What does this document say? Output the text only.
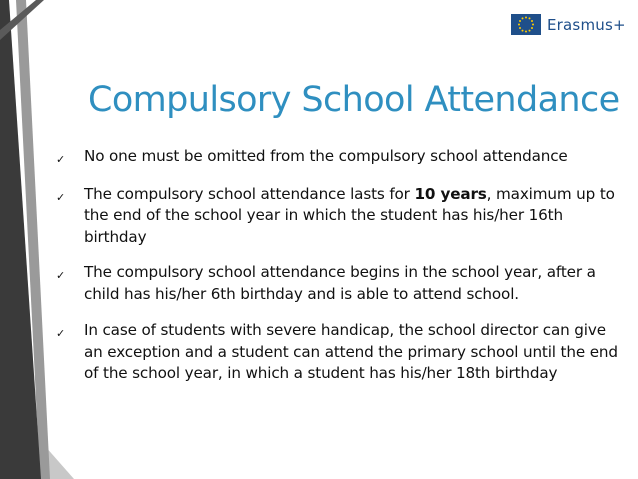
Erasmus+
Compulsory School Attendance
✓ No one must be omitted from the compulsory school attendance
✓ The compulsory school attendance lasts for 10 years, maximum up to the end of the school year in which the student has his/her 16th birthday
✓ The compulsory school attendance begins in the school year, after a child has his/her 6th birthday and is able to attend school.
✓ In case of students with severe handicap, the school director can give an exception and a student can attend the primary school until the end of the school year, in which a student has his/her 18th birthday
